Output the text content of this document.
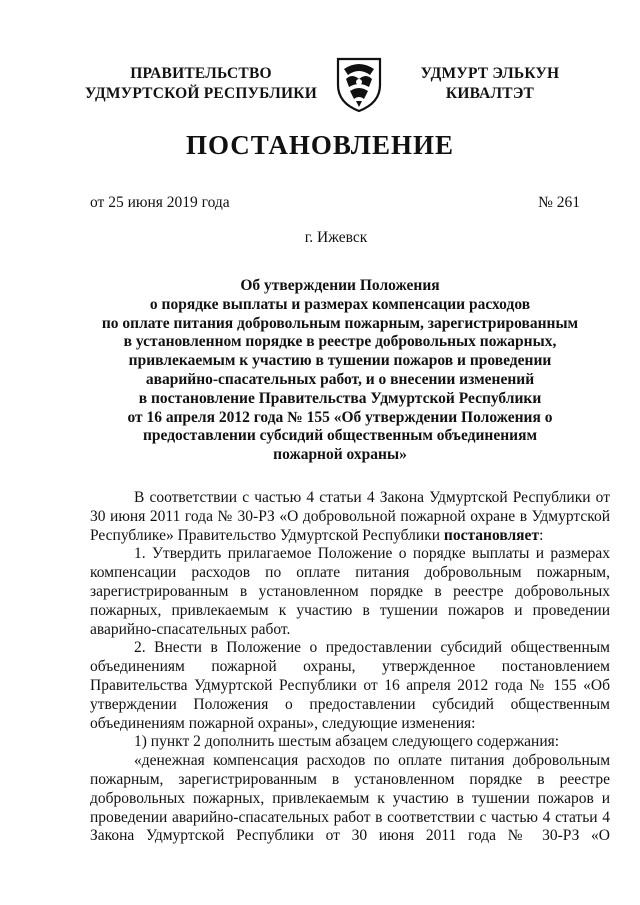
ПРАВИТЕЛЬСТВО
УДМУРТСКОЙ РЕСПУБЛИКИ
УДМУРТ ЭЛЬКУН
КИВАЛТЭТ
ПОСТАНОВЛЕНИЕ
от 25 июня 2019 года	№ 261
г. Ижевск
Об утверждении Положения
о порядке выплаты и размерах компенсации расходов
по оплате питания добровольным пожарным, зарегистрированным
в установленном порядке в реестре добровольных пожарных,
привлекаемым к участию в тушении пожаров и проведении
аварийно-спасательных работ, и о внесении изменений
в постановление Правительства Удмуртской Республики
от 16 апреля 2012 года № 155 «Об утверждении Положения о
предоставлении субсидий общественным объединениям
пожарной охраны»

В соответствии с частью 4 статьи 4 Закона Удмуртской Республики от 30 июня 2011 года № 30-РЗ «О добровольной пожарной охране в Удмуртской Республике» Правительство Удмуртской Республики постановляет:

1. Утвердить прилагаемое Положение о порядке выплаты и размерах компенсации расходов по оплате питания добровольным пожарным, зарегистрированным в установленном порядке в реестре добровольных пожарных, привлекаемым к участию в тушении пожаров и проведении аварийно-спасательных работ.

2. Внести в Положение о предоставлении субсидий общественным объединениям пожарной охраны, утвержденное постановлением Правительства Удмуртской Республики от 16 апреля 2012 года № 155 «Об утверждении Положения о предоставлении субсидий общественным объединениям пожарной охраны», следующие изменения:

1) пункт 2 дополнить шестым абзацем следующего содержания:

«денежная компенсация расходов по оплате питания добровольным пожарным, зарегистрированным в установленном порядке в реестре добровольных пожарных, привлекаемым к участию в тушении пожаров и проведении аварийно-спасательных работ в соответствии с частью 4 статьи 4 Закона Удмуртской Республики от 30 июня 2011 года № 30-РЗ «О
